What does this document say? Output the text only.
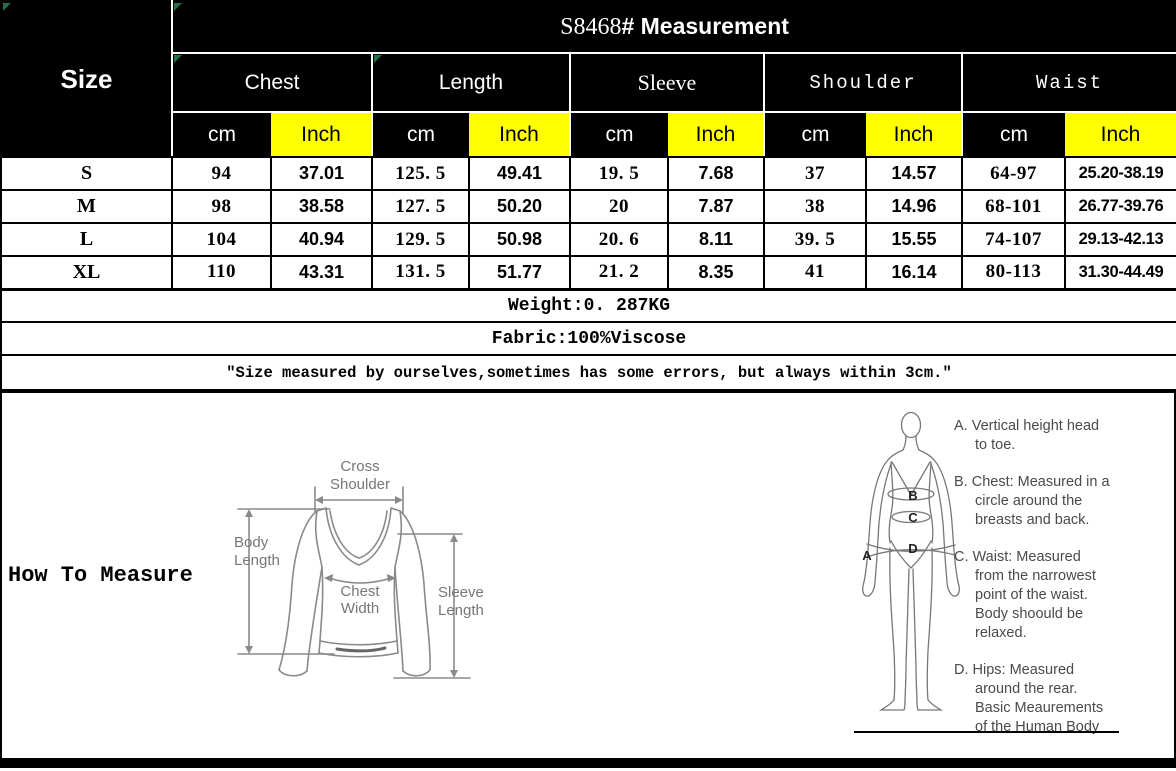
Size	S8468# Measurement									

Chest		Length		Sleeve		Shoulder		Waist	
	cm	Inch	cm	Inch	cm	Inch	cm	Inch	cm	Inch
S	94	37.01	125. 5	49.41	19. 5	7.68	37	14.57	64-97	25.20-38.19
M	98	38.58	127. 5	50.20	20	7.87	38	14.96	68-101	26.77-39.76
L	104	40.94	129. 5	50.98	20. 6	8.11	39. 5	15.55	74-107	29.13-42.13
XL	110	43.31	131. 5	51.77	21. 2	8.35	41	16.14	80-113	31.30-44.49
Weight:0. 287KG										
Fabric:100%Viscose										
″Size measured by ourselves,sometimes has some errors, but always within 3cm.″										
How To Measure
Cross
Shoulder
Body
Length
Chest
Width
Sleeve
Length
A
B
C
D
A. Vertical height head
to toe.
B. Chest: Measured in a
circle around the
breasts and back.
C. Waist: Measured
from the narrowest
point of the waist.
Body shoould be
relaxed.
D. Hips: Measured
around the rear.
Basic Meaurements
of the Human Body
